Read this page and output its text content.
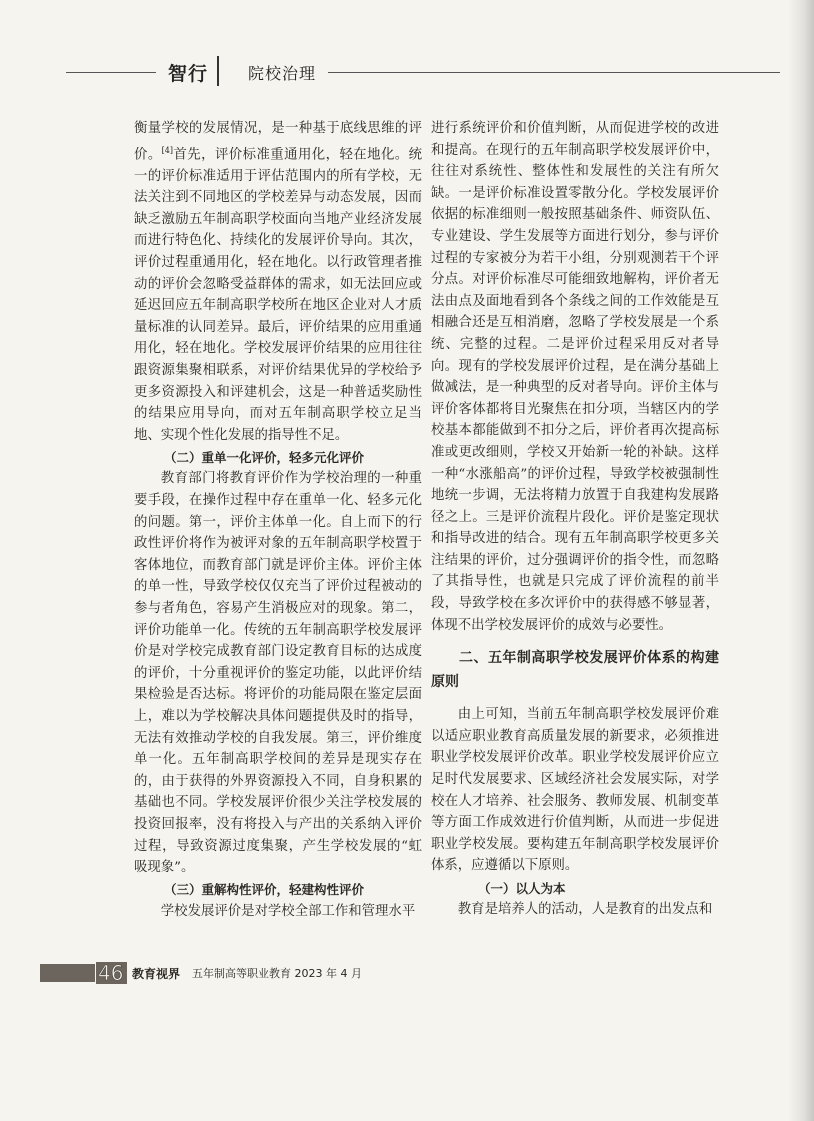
智行 院校治理

衡量学校的发展情况，是一种基于底线思维的评价。[4]首先，评价标准重通用化，轻在地化。统一的评价标准适用于评估范围内的所有学校，无法关注到不同地区的学校差异与动态发展，因而缺乏激励五年制高职学校面向当地产业经济发展而进行特色化、持续化的发展评价导向。其次，评价过程重通用化，轻在地化。以行政管理者推动的评价会忽略受益群体的需求，如无法回应或延迟回应五年制高职学校所在地区企业对人才质量标准的认同差异。最后，评价结果的应用重通用化，轻在地化。学校发展评价结果的应用往往跟资源集聚相联系，对评价结果优异的学校给予更多资源投入和评建机会，这是一种普适奖励性的结果应用导向，而对五年制高职学校立足当地、实现个性化发展的指导性不足。

（二）重单一化评价，轻多元化评价

教育部门将教育评价作为学校治理的一种重要手段，在操作过程中存在重单一化、轻多元化的问题。第一，评价主体单一化。自上而下的行政性评价将作为被评对象的五年制高职学校置于客体地位，而教育部门就是评价主体。评价主体的单一性，导致学校仅仅充当了评价过程被动的参与者角色，容易产生消极应对的现象。第二，评价功能单一化。传统的五年制高职学校发展评价是对学校完成教育部门设定教育目标的达成度的评价，十分重视评价的鉴定功能，以此评价结果检验是否达标。将评价的功能局限在鉴定层面上，难以为学校解决具体问题提供及时的指导，无法有效推动学校的自我发展。第三，评价维度单一化。五年制高职学校间的差异是现实存在的，由于获得的外界资源投入不同，自身积累的基础也不同。学校发展评价很少关注学校发展的投资回报率，没有将投入与产出的关系纳入评价过程，导致资源过度集聚，产生学校发展的“虹吸现象”。

（三）重解构性评价，轻建构性评价

学校发展评价是对学校全部工作和管理水平

进行系统评价和价值判断，从而促进学校的改进和提高。在现行的五年制高职学校发展评价中，往往对系统性、整体性和发展性的关注有所欠缺。一是评价标准设置零散分化。学校发展评价依据的标准细则一般按照基础条件、师资队伍、专业建设、学生发展等方面进行划分，参与评价过程的专家被分为若干小组，分别观测若干个评分点。对评价标准尽可能细致地解构，评价者无法由点及面地看到各个条线之间的工作效能是互相融合还是互相消磨，忽略了学校发展是一个系统、完整的过程。二是评价过程采用反对者导向。现有的学校发展评价过程，是在满分基础上做减法，是一种典型的反对者导向。评价主体与评价客体都将目光聚焦在扣分项，当辖区内的学校基本都能做到不扣分之后，评价者再次提高标准或更改细则，学校又开始新一轮的补缺。这样一种“水涨船高”的评价过程，导致学校被强制性地统一步调，无法将精力放置于自我建构发展路径之上。三是评价流程片段化。评价是鉴定现状和指导改进的结合。现有五年制高职学校更多关注结果的评价，过分强调评价的指令性，而忽略了其指导性，也就是只完成了评价流程的前半段，导致学校在多次评价中的获得感不够显著，体现不出学校发展评价的成效与必要性。

二、五年制高职学校发展评价体系的构建原则

由上可知，当前五年制高职学校发展评价难以适应职业教育高质量发展的新要求，必须推进职业学校发展评价改革。职业学校发展评价应立足时代发展要求、区域经济社会发展实际，对学校在人才培养、社会服务、教师发展、机制变革等方面工作成效进行价值判断，从而进一步促进职业学校发展。要构建五年制高职学校发展评价体系，应遵循以下原则。

（一）以人为本

教育是培养人的活动，人是教育的出发点和

46 教育视界 五年制高等职业教育 2023 年 4 月
